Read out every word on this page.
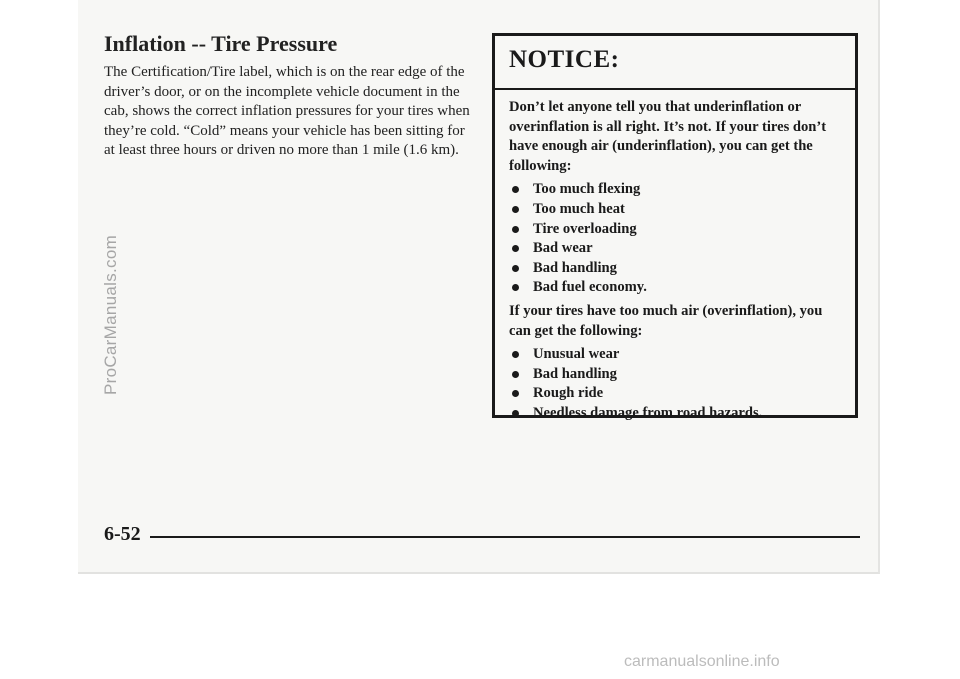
ProCarManuals.com
Inflation -- Tire Pressure

The Certification/Tire label, which is on the rear edge of the driver’s door, or on the incomplete vehicle document in the cab, shows the correct inflation pressures for your tires when they’re cold. “Cold” means your vehicle has been sitting for at least three hours or driven no more than 1 mile (1.6 km).

NOTICE:

Don’t let anyone tell you that underinflation or overinflation is all right. It’s not. If your tires don’t have enough air (underinflation), you can get the following:

Too much flexing
Too much heat
Tire overloading
Bad wear
Bad handling
Bad fuel economy.

If your tires have too much air (overinflation), you can get the following:

Unusual wear
Bad handling
Rough ride
Needless damage from road hazards.
6-52
carmanualsonline.info
